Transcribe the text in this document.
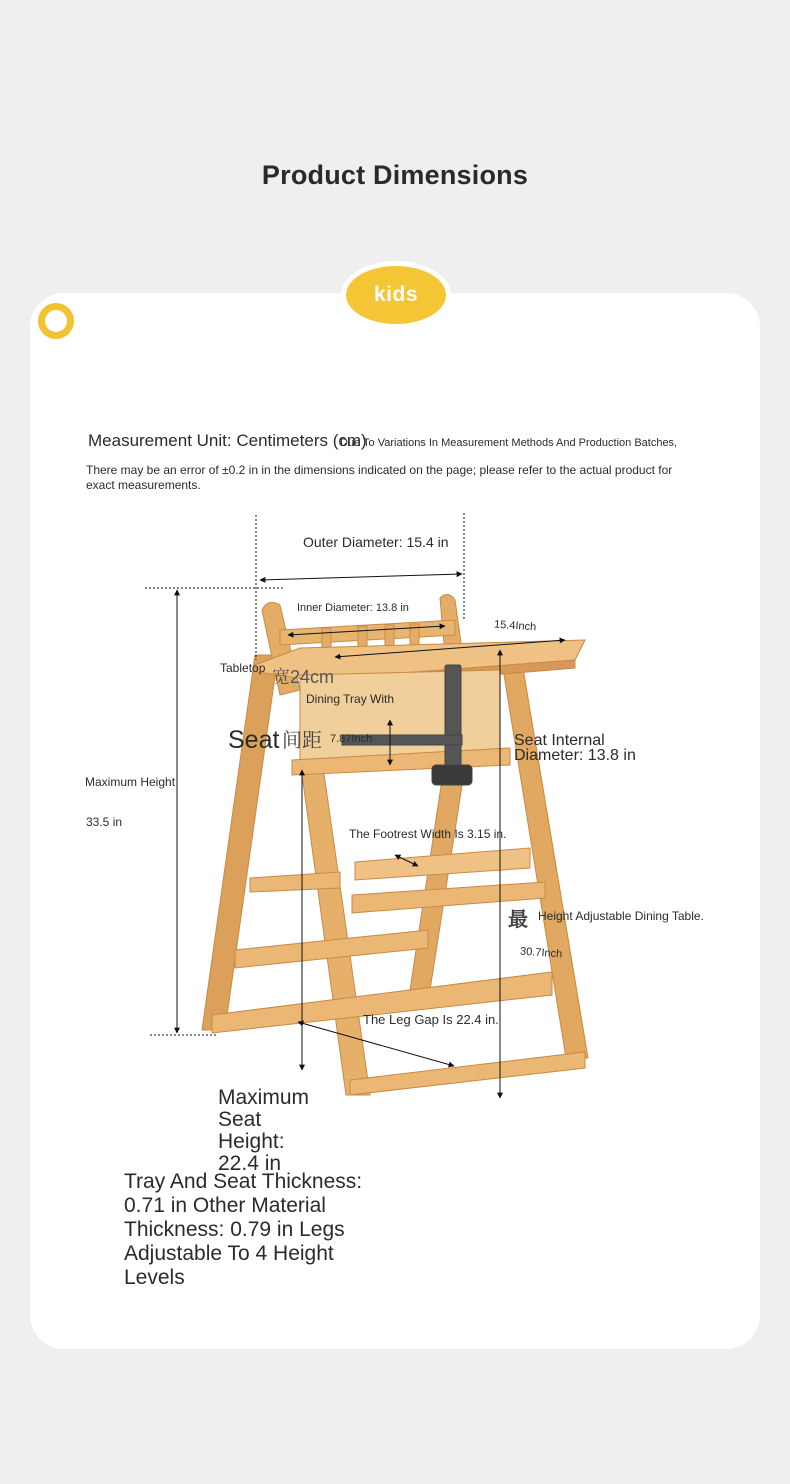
Product Dimensions
kids
Measurement Unit: Centimeters (cm)
Due To Variations In Measurement Methods And Production Batches,
There may be an error of ±0.2 in in the dimensions indicated on the page; please refer to the actual product for exact measurements.
Outer Diameter: 15.4 in
Inner Diameter: 13.8 in
15.4Inch
Tabletop 宽24cm
Dining Tray With
Seat 间距 7.87Inch	Seat Internal Diameter: 13.8 in
Maximum Height
33.5 in
The Footrest Width Is 3.15 in.
最 Height Adjustable Dining Table.
30.7Inch
The Leg Gap Is 22.4 in.
Maximum Seat Height: 22.4 in
Tray And Seat Thickness: 0.71 in Other Material Thickness: 0.79 in Legs Adjustable To 4 Height Levels
